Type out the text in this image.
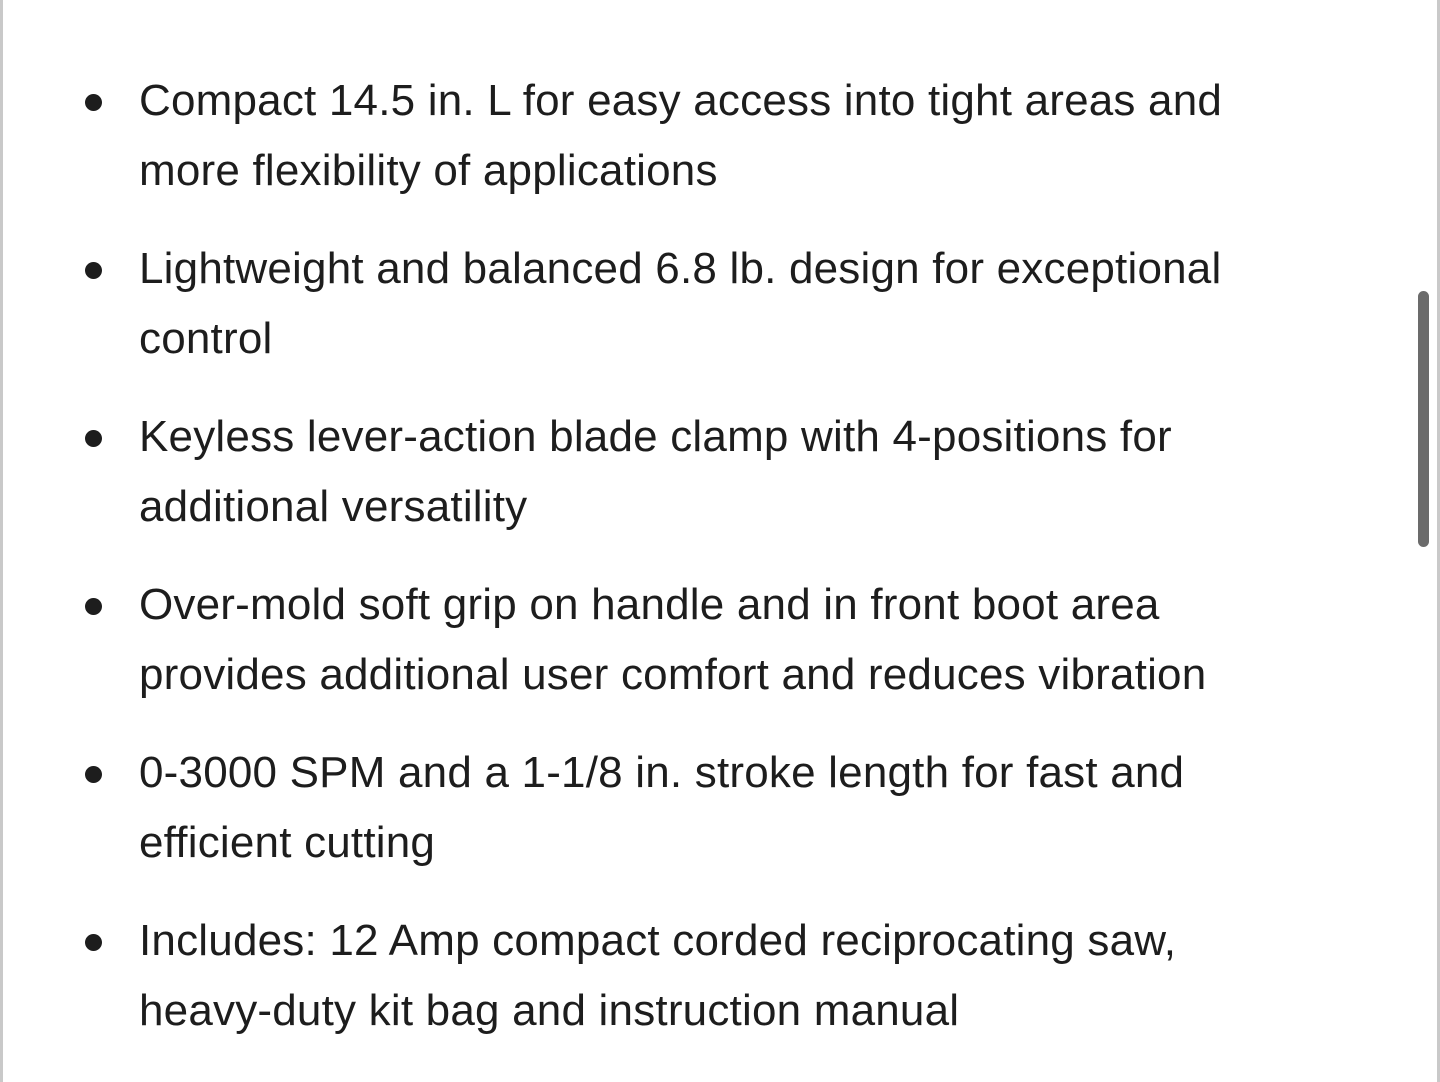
Compact 14.5 in. L for easy access into tight areas and more flexibility of applications
Lightweight and balanced 6.8 lb. design for exceptional control
Keyless lever-action blade clamp with 4-positions for additional versatility
Over-mold soft grip on handle and in front boot area provides additional user comfort and reduces vibration
0-3000 SPM and a 1-1/8 in. stroke length for fast and efficient cutting
Includes: 12 Amp compact corded reciprocating saw, heavy-duty kit bag and instruction manual
